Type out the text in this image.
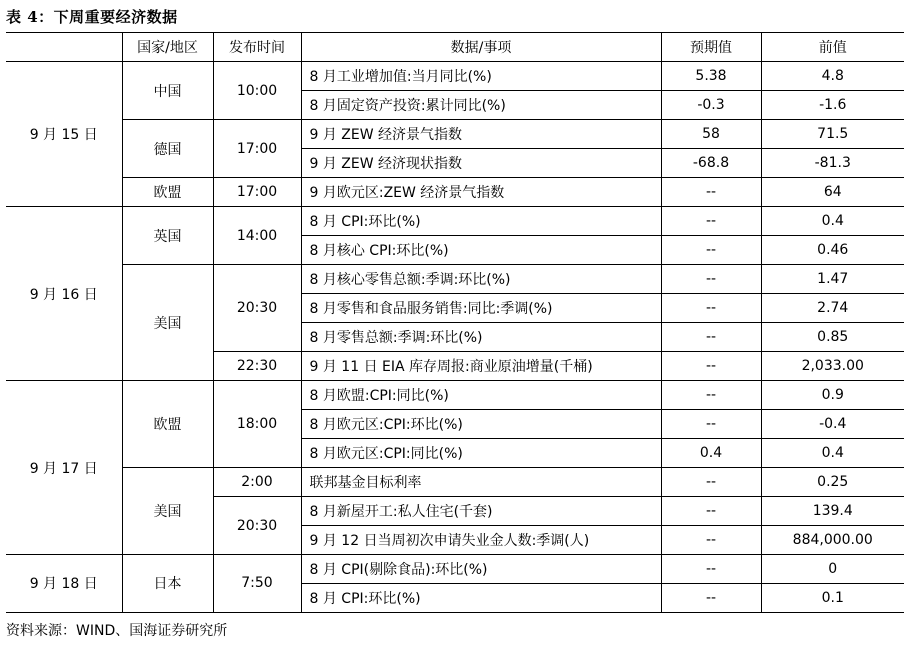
表 4：下周重要经济数据
	国家/地区	发布时间	数据/事项	预期值	前值
9 月 15 日	中国	10:00	8 月工业增加值:当月同比(%)	5.38	4.8
			8 月固定资产投资:累计同比(%)	-0.3	-1.6
	德国	17:00	9 月 ZEW 经济景气指数	58	71.5
			9 月 ZEW 经济现状指数	-68.8	-81.3
	欧盟	17:00	9 月欧元区:ZEW 经济景气指数	--	64
9 月 16 日	英国	14:00	8 月 CPI:环比(%)	--	0.4
			8 月核心 CPI:环比(%)	--	0.46
	美国	20:30	8 月核心零售总额:季调:环比(%)	--	1.47
			8 月零售和食品服务销售:同比:季调(%)	--	2.74
			8 月零售总额:季调:环比(%)	--	0.85
		22:30	9 月 11 日 EIA 库存周报:商业原油增量(千桶)	--	2,033.00
9 月 17 日	欧盟	18:00	8 月欧盟:CPI:同比(%)	--	0.9
			8 月欧元区:CPI:环比(%)	--	-0.4
			8 月欧元区:CPI:同比(%)	0.4	0.4
	美国	2:00	联邦基金目标利率	--	0.25
		20:30	8 月新屋开工:私人住宅(千套)	--	139.4
			9 月 12 日当周初次申请失业金人数:季调(人)	--	884,000.00
9 月 18 日	日本	7:50	8 月 CPI(剔除食品):环比(%)	--	0
			8 月 CPI:环比(%)	--	0.1
资料来源：WIND、国海证券研究所
